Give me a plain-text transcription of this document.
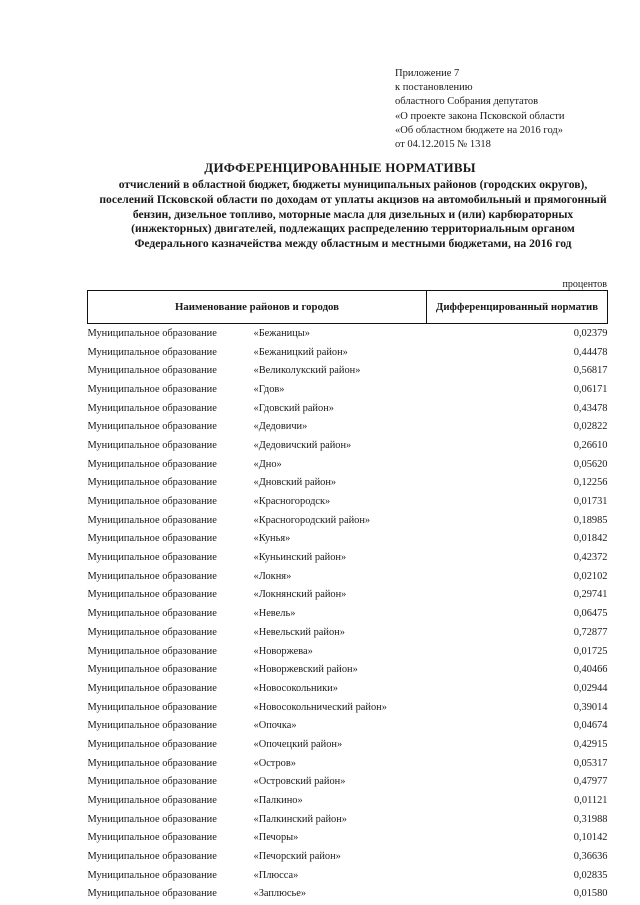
Приложение 7
к постановлению
областного Собрания депутатов
«О проекте закона Псковской области
«Об областном бюджете на 2016 год»
от 04.12.2015 № 1318
ДИФФЕРЕНЦИРОВАННЫЕ НОРМАТИВЫ
отчислений в областной бюджет, бюджеты муниципальных районов (городских округов), поселений Псковской области по доходам от уплаты акцизов на автомобильный и прямогонный бензин, дизельное топливо, моторные масла для дизельных и (или) карбюраторных (инжекторных) двигателей, подлежащих распределению территориальным органом Федерального казначейства между областным и местными бюджетами, на 2016 год
процентов
Наименование районов и городов	Дифференцированный норматив
Муниципальное образование «Бежаницы»	0,02379
Муниципальное образование «Бежаницкий район»	0,44478
Муниципальное образование «Великолукский район»	0,56817
Муниципальное образование «Гдов»	0,06171
Муниципальное образование «Гдовский район»	0,43478
Муниципальное образование «Дедовичи»	0,02822
Муниципальное образование «Дедовичский район»	0,26610
Муниципальное образование «Дно»	0,05620
Муниципальное образование «Дновский район»	0,12256
Муниципальное образование «Красногородск»	0,01731
Муниципальное образование «Красногородский район»	0,18985
Муниципальное образование «Кунья»	0,01842
Муниципальное образование «Куньинский район»	0,42372
Муниципальное образование «Локня»	0,02102
Муниципальное образование «Локнянский район»	0,29741
Муниципальное образование «Невель»	0,06475
Муниципальное образование «Невельский район»	0,72877
Муниципальное образование «Новоржева»	0,01725
Муниципальное образование «Новоржевский район»	0,40466
Муниципальное образование «Новосокольники»	0,02944
Муниципальное образование «Новосокольнический район»	0,39014
Муниципальное образование «Опочка»	0,04674
Муниципальное образование «Опочецкий район»	0,42915
Муниципальное образование «Остров»	0,05317
Муниципальное образование «Островский район»	0,47977
Муниципальное образование «Палкино»	0,01121
Муниципальное образование «Палкинский район»	0,31988
Муниципальное образование «Печоры»	0,10142
Муниципальное образование «Печорский район»	0,36636
Муниципальное образование «Плюсса»	0,02835
Муниципальное образование «Заплюсье»	0,01580
